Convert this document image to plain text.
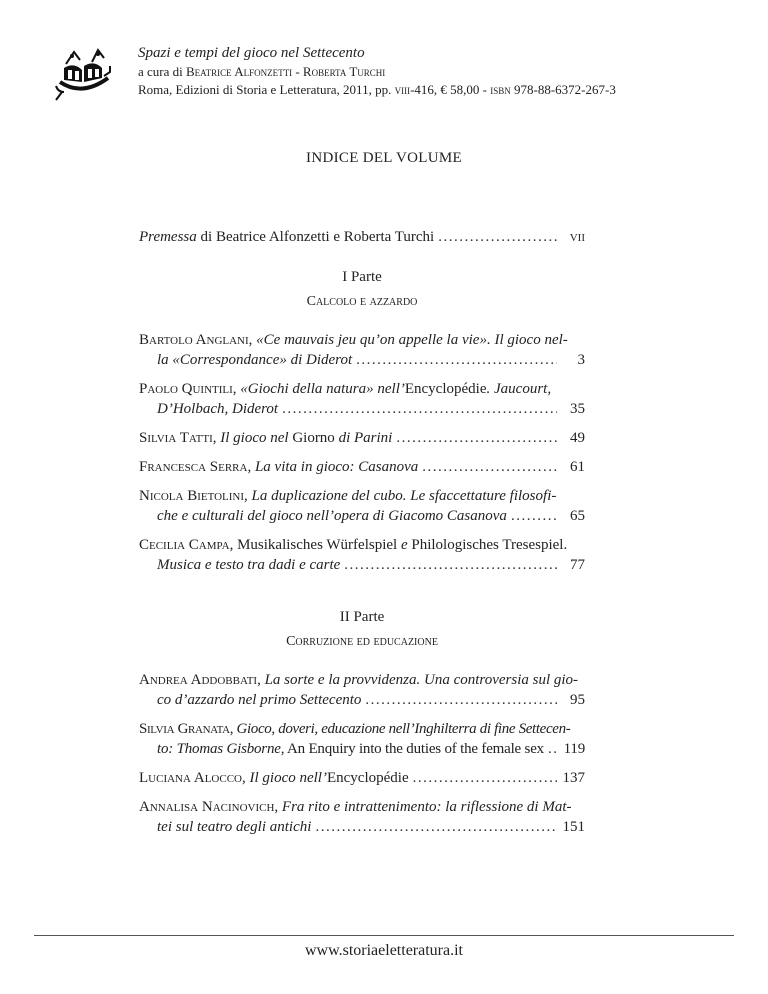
Spazi e tempi del gioco nel Settecento
a cura di Beatrice Alfonzetti - Roberta Turchi
Roma, Edizioni di Storia e Letteratura, 2011, pp. viii-416, € 58,00 - isbn 978-88-6372-267-3
INDICE DEL VOLUME
Premessa di Beatrice Alfonzetti e Roberta Turchi .....	vii
I Parte
Calcolo e azzardo
Bartolo Anglani, «Ce mauvais jeu qu’on appelle la vie». Il gioco nel-
la «Correspondance» di Diderot .....	3
Paolo Quintili, «Giochi della natura» nell’Encyclopédie. Jaucourt,
D’Holbach, Diderot .....	35
Silvia Tatti, Il gioco nel Giorno di Parini .....	49
Francesca Serra, La vita in gioco: Casanova .....	61
Nicola Bietolini, La duplicazione del cubo. Le sfaccettature filosofi-
che e culturali del gioco nell’opera di Giacomo Casanova .....	65
Cecilia Campa, Musikalisches Würfelspiel e Philologisches Tresespiel.
Musica e testo tra dadi e carte .....	77
II Parte
Corruzione ed educazione
Andrea Addobbati, La sorte e la provvidenza. Una controversia sul gio-
co d’azzardo nel primo Settecento .....	95
Silvia Granata, Gioco, doveri, educazione nell’Inghilterra di fine Settecen-
to: Thomas Gisborne, An Enquiry into the duties of the female sex ..... 119
Luciana Alocco, Il gioco nell’Encyclopédie .....	137
Annalisa Nacinovich, Fra rito e intrattenimento: la riflessione di Mat-
tei sul teatro degli antichi .....	151
www.storiaeletteratura.it
